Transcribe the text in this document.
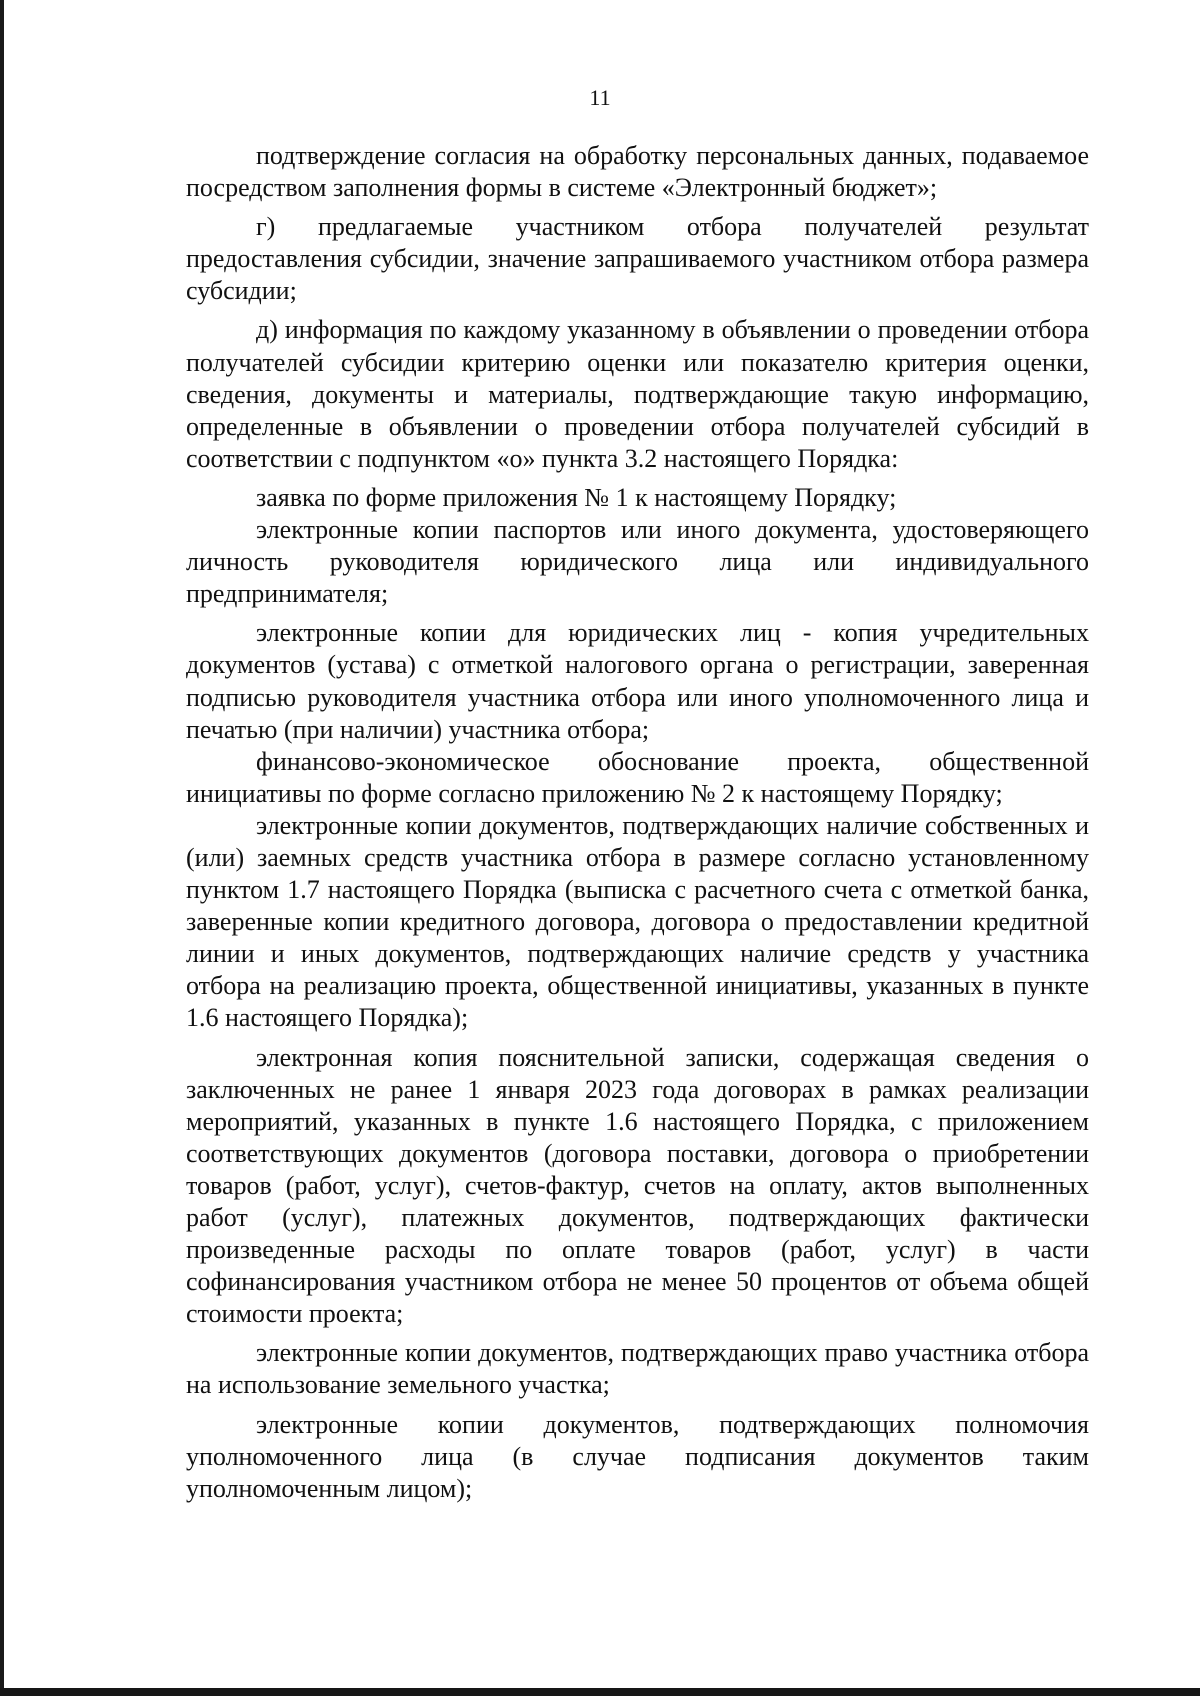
11

подтверждение согласия на обработку персональных данных, подаваемое посредством заполнения формы в системе «Электронный бюджет»;

г) предлагаемые участником отбора получателей результат предоставления субсидии, значение запрашиваемого участником отбора размера субсидии;

д) информация по каждому указанному в объявлении о проведении отбора получателей субсидии критерию оценки или показателю критерия оценки, сведения, документы и материалы, подтверждающие такую информацию, определенные в объявлении о проведении отбора получателей субсидий в соответствии с подпунктом «о» пункта 3.2 настоящего Порядка:

заявка по форме приложения № 1 к настоящему Порядку;

электронные копии паспортов или иного документа, удостоверяющего личность руководителя юридического лица или индивидуального предпринимателя;

электронные копии для юридических лиц - копия учредительных документов (устава) с отметкой налогового органа о регистрации, заверенная подписью руководителя участника отбора или иного уполномоченного лица и печатью (при наличии) участника отбора;

финансово-экономическое обоснование проекта, общественной инициативы по форме согласно приложению № 2 к настоящему Порядку;

электронные копии документов, подтверждающих наличие собственных и (или) заемных средств участника отбора в размере согласно установленному пунктом 1.7 настоящего Порядка (выписка с расчетного счета с отметкой банка, заверенные копии кредитного договора, договора о предоставлении кредитной линии и иных документов, подтверждающих наличие средств у участника отбора на реализацию проекта, общественной инициативы, указанных в пункте 1.6 настоящего Порядка);

электронная копия пояснительной записки, содержащая сведения о заключенных не ранее 1 января 2023 года договорах в рамках реализации мероприятий, указанных в пункте 1.6 настоящего Порядка, с приложением соответствующих документов (договора поставки, договора о приобретении товаров (работ, услуг), счетов-фактур, счетов на оплату, актов выполненных работ (услуг), платежных документов, подтверждающих фактически произведенные расходы по оплате товаров (работ, услуг) в части софинансирования участником отбора не менее 50 процентов от объема общей стоимости проекта;

электронные копии документов, подтверждающих право участника отбора на использование земельного участка;

электронные копии документов, подтверждающих полномочия уполномоченного лица (в случае подписания документов таким уполномоченным лицом);
